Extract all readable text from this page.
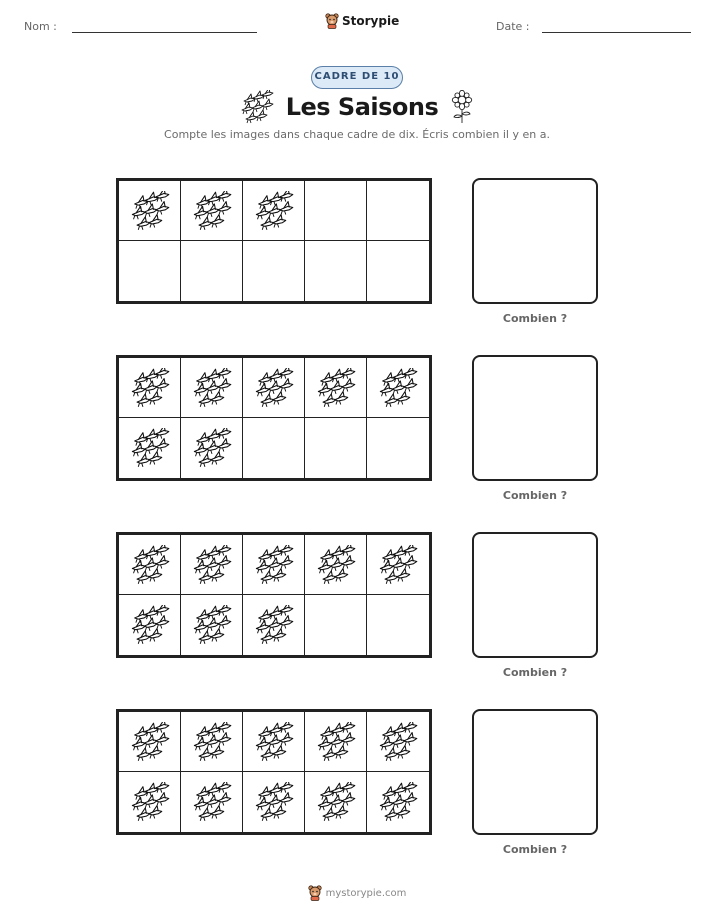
Nom :	Storypie	Date :
CADRE DE 10
Les Saisons
Compte les images dans chaque cadre de dix. Écris combien il y en a.
Combien ?
Combien ?
Combien ?
Combien ?
mystorypie.com
